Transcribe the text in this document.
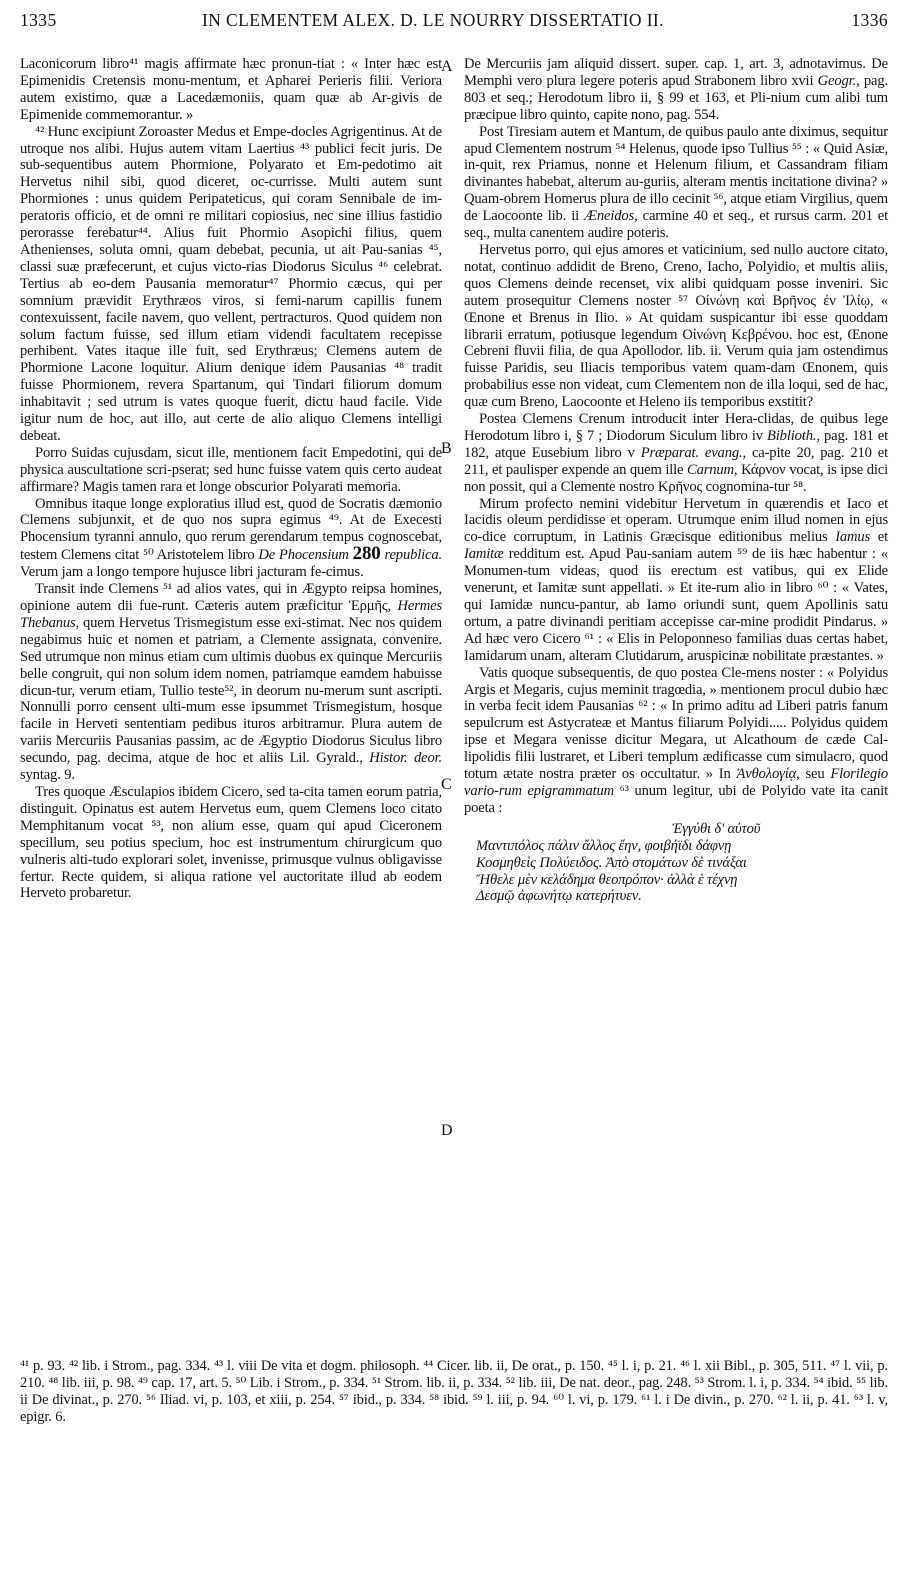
1335	IN CLEMENTEM ALEX. D. LE NOURRY DISSERTATIO II.	1336
A
B
C
D

Laconicorum libro⁴¹ magis affirmate hæc pronun-tiat : « Inter hæc est Epimenidis Cretensis monu-mentum, et Apharei Perieris filii. Veriora autem existimo, quæ a Lacedæmoniis, quam quæ ab Ar-givis de Epimenide commemorantur. »

⁴² Hunc excipiunt Zoroaster Medus et Empe-docles Agrigentinus. At de utroque nos alibi. Hujus autem vitam Laertius ⁴³ publici fecit juris. De sub-sequentibus autem Phormione, Polyarato et Em-pedotimo ait Hervetus nihil sibi, quod diceret, oc-currisse. Multi autem sunt Phormiones : unus quidem Peripateticus, qui coram Sennibale de im-peratoris officio, et de omni re militari copiosius, nec sine illius fastidio perorasse ferebatur⁴⁴. Alius fuit Phormio Asopichi filius, quem Athenienses, soluta omni, quam debebat, pecunia, ut ait Pau-sanias ⁴⁵, classi suæ præfecerunt, et cujus victo-rias Diodorus Siculus ⁴⁶ celebrat. Tertius ab eo-dem Pausania memoratur⁴⁷ Phormio cæcus, qui per somnium prævidit Erythræos viros, si femi-narum capillis funem contexuissent, facile navem, quo vellent, pertracturos. Quod quidem non solum factum fuisse, sed illum etiam videndi facultatem recepisse perhibent. Vates itaque ille fuit, sed Erythræus; Clemens autem de Phormione Lacone loquitur. Alium denique idem Pausanias ⁴⁸ tradit fuisse Phormionem, revera Spartanum, qui Tindari filiorum domum inhabitavit ; sed utrum is vates quoque fuerit, dictu haud facile. Vide igitur num de hoc, aut illo, aut certe de alio aliquo Clemens intelligi debeat.

Porro Suidas cujusdam, sicut ille, mentionem facit Empedotini, qui de physica auscultatione scri-pserat; sed hunc fuisse vatem quis certo audeat affirmare? Magis tamen rara et longe obscurior Polyarati memoria.

Omnibus itaque longe exploratius illud est, quod de Socratis dæmonio Clemens subjunxit, et de quo nos supra egimus ⁴⁹. At de Execesti Phocensium tyranni annulo, quo rerum gerendarum tempus cognoscebat, testem Clemens citat ⁵⁰ Aristotelem libro De Phocensium 280 republica. Verum jam a longo tempore hujusce libri jacturam fe-cimus.

Transit inde Clemens ⁵¹ ad alios vates, qui in Ægypto reipsa homines, opinione autem dii fue-runt. Cæteris autem præficitur Ἑρμῆς, Hermes Thebanus, quem Hervetus Trismegistum esse exi-stimat. Nec nos quidem negabimus huic et nomen et patriam, a Clemente assignata, convenire. Sed utrumque non minus etiam cum ultimis duobus ex quinque Mercuriis belle congruit, qui non solum idem nomen, patriamque eamdem habuisse dicun-tur, verum etiam, Tullio teste⁵², in deorum nu-merum sunt ascripti. Nonnulli porro censent ulti-mum esse ipsummet Trismegistum, hosque facile in Herveti sententiam pedibus ituros arbitramur. Plura autem de variis Mercuriis Pausanias passim, ac de Ægyptio Diodorus Siculus libro secundo, pag. decima, atque de hoc et aliis Lil. Gyrald., Histor. deor. syntag. 9.

Tres quoque Æsculapios ibidem Cicero, sed ta-cita tamen eorum patria, distinguit. Opinatus est autem Hervetus eum, quem Clemens loco citato Memphitanum vocat ⁵³, non alium esse, quam qui apud Ciceronem specillum, seu potius specium, hoc est instrumentum chirurgicum quo vulneris alti-tudo explorari solet, invenisse, primusque vulnus obligavisse fertur. Recte quidem, si aliqua ratione vel auctoritate illud ab eodem Herveto probaretur.

De Mercuriis jam aliquid dissert. super. cap. 1, art. 3, adnotavimus. De Memphi vero plura legere poteris apud Strabonem libro xvii Geogr., pag. 803 et seq.; Herodotum libro ii, § 99 et 163, et Pli-nium cum alibi tum præcipue libro quinto, capite nono, pag. 554.

Post Tiresiam autem et Mantum, de quibus paulo ante diximus, sequitur apud Clementem nostrum ⁵⁴ Helenus, quode ipso Tullius ⁵⁵ : « Quid Asiæ, in-quit, rex Priamus, nonne et Helenum filium, et Cassandram filiam divinantes habebat, alterum au-guriis, alteram mentis incitatione divina? » Quam-obrem Homerus plura de illo cecinit ⁵⁶, atque etiam Virgilius, quem de Laocoonte lib. ii Æneidos, carmine 40 et seq., et rursus carm. 201 et seq., multa canentem audire poteris.

Hervetus porro, qui ejus amores et vaticinium, sed nullo auctore citato, notat, continuo addidit de Breno, Creno, Iacho, Polyidio, et multis aliis, quos Clemens deinde recenset, vix alibi quidquam posse inveniri. Sic autem prosequitur Clemens noster ⁵⁷ Οἰνώνη καὶ Βρῆνος ἐν Ἰλίῳ, « Œnone et Brenus in Ilio. » At quidam suspicantur ibi esse quoddam librarii erratum, potiusque legendum Οἰνώνη Κεβρένου. hoc est, Œnone Cebreni fluvii filia, de qua Apollodor. lib. ii. Verum quia jam ostendimus fuisse Paridis, seu Iliacis temporibus vatem quam-dam Œnonem, quis probabilius esse non videat, cum Clementem non de illa loqui, sed de hac, quæ cum Breno, Laocoonte et Heleno iis temporibus exstitit?

Postea Clemens Crenum introducit inter Hera-clidas, de quibus lege Herodotum libro i, § 7 ; Diodorum Siculum libro iv Biblioth., pag. 181 et 182, atque Eusebium libro v Præparat. evang., ca-pite 20, pag. 210 et 211, et paulisper expende an quem ille Carnum, Κάρνον vocat, is ipse dici non possit, qui a Clemente nostro Κρῆνος cognomina-tur ⁵⁸.

Mirum profecto nemini videbitur Hervetum in quærendis et Iaco et Iacidis oleum perdidisse et operam. Utrumque enim illud nomen in ejus co-dice corruptum, in Latinis Græcisque editionibus melius Iamus et Iamitæ redditum est. Apud Pau-saniam autem ⁵⁹ de iis hæc habentur : « Monumen-tum videas, quod iis erectum est vatibus, qui ex Elide venerunt, et Iamitæ sunt appellati. » Et ite-rum alio in libro ⁶⁰ : « Vates, qui Iamidæ nuncu-pantur, ab Iamo oriundi sunt, quem Apollinis satu ortum, a patre divinandi peritiam accepisse car-mine prodidit Pindarus. » Ad hæc vero Cicero ⁶¹ : « Elis in Peloponneso familias duas certas habet, Iamidarum unam, alteram Clutidarum, aruspicinæ nobilitate præstantes. »

Vatis quoque subsequentis, de quo postea Cle-mens noster : « Polyidus Argis et Megaris, cujus meminit tragœdia, » mentionem procul dubio hæc in verba fecit idem Pausanias ⁶² : « In primo aditu ad Liberi patris fanum sepulcrum est Astycrateæ et Mantus filiarum Polyidi..... Polyidus quidem ipse et Megara venisse dicitur Megara, ut Alcathoum de cæde Cal-lipolidis filii lustraret, et Liberi templum ædificasse cum simulacro, quod totum ætate nostra præter os occultatur. » In Ἀνθολογίᾳ, seu Florilegio vario-rum epigrammatum ⁶³ unum legitur, ubi de Polyido vate ita canit poeta :

Ἐγγύθι δ' αὐτοῦ
Μαντιπόλος πάλιν ἄλλος ἔην, φοιβήϊδι δάφνῃ
Κοσμηθεὶς Πολύειδος. Ἀπὸ στομάτων δὲ τινάξαι
Ἤθελε μὲν κελάδημα θεοπρόπον· ἀλλὰ ἑ τέχνῃ
Δεσμῷ ἀφωνήτῳ κατερήτυεν.

⁴¹ p. 93. ⁴² lib. i Strom., pag. 334. ⁴³ l. viii De vita et dogm. philosoph. ⁴⁴ Cicer. lib. ii, De orat., p. 150. ⁴⁵ l. i, p. 21. ⁴⁶ l. xii Bibl., p. 305, 511. ⁴⁷ l. vii, p. 210. ⁴⁸ lib. iii, p. 98. ⁴⁹ cap. 17, art. 5. ⁵⁰ Lib. i Strom., p. 334. ⁵¹ Strom. lib. ii, p. 334. ⁵² lib. iii, De nat. deor., pag. 248. ⁵³ Strom. l. i, p. 334. ⁵⁴ ibid. ⁵⁵ lib. ii De divinat., p. 270. ⁵⁶ Iliad. vi, p. 103, et xiii, p. 254. ⁵⁷ ibid., p. 334. ⁵⁸ ibid. ⁵⁹ l. iii, p. 94. ⁶⁰ l. vi, p. 179. ⁶¹ l. i De divin., p. 270. ⁶² l. ii, p. 41. ⁶³ l. v, epigr. 6.
